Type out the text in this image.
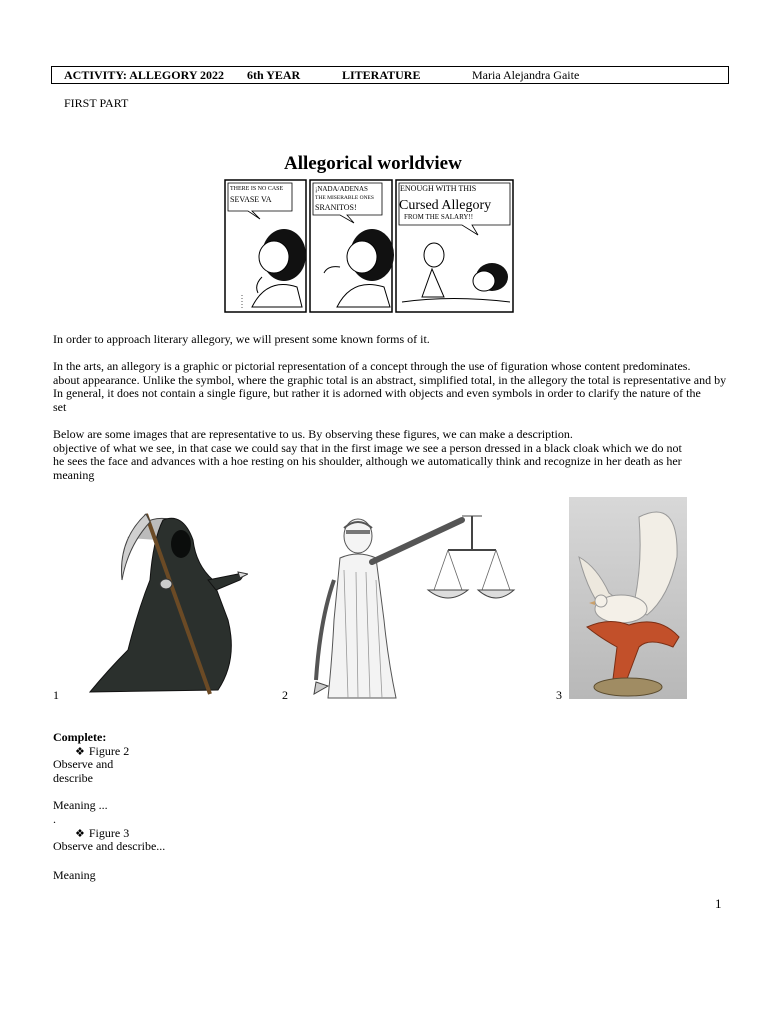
ACTIVITY: ALLEGORY 2022 6th YEAR	LITERATURE	Maria Alejandra Gaite
FIRST PART
Allegorical worldview
THERE IS NO CASE
SEVASE VA
¡NADA/ADENAS
THE MISERABLE ONES
SRANITOS!
ENOUGH WITH THIS
Cursed Allegory
FROM THE SALARY!!
In order to approach literary allegory, we will present some known forms of it.
In the arts, an allegory is a graphic or pictorial representation of a concept through the use of figuration whose content predominates.
about appearance. Unlike the symbol, where the graphic total is an abstract, simplified total, in the allegory the total is representative and by
In general, it does not contain a single figure, but rather it is adorned with objects and even symbols in order to clarify the nature of the
set
Below are some images that are representative to us. By observing these figures, we can make a description.
objective of what we see, in that case we could say that in the first image we see a person dressed in a black cloak which we do not
he sees the face and advances with a hoe resting on his shoulder, although we automatically think and recognize in her death as her
meaning
1	2	3
Complete:
❖ Figure 2
Observe and
describe
Meaning ...
.
❖ Figure 3
Observe and describe...
Meaning
1
